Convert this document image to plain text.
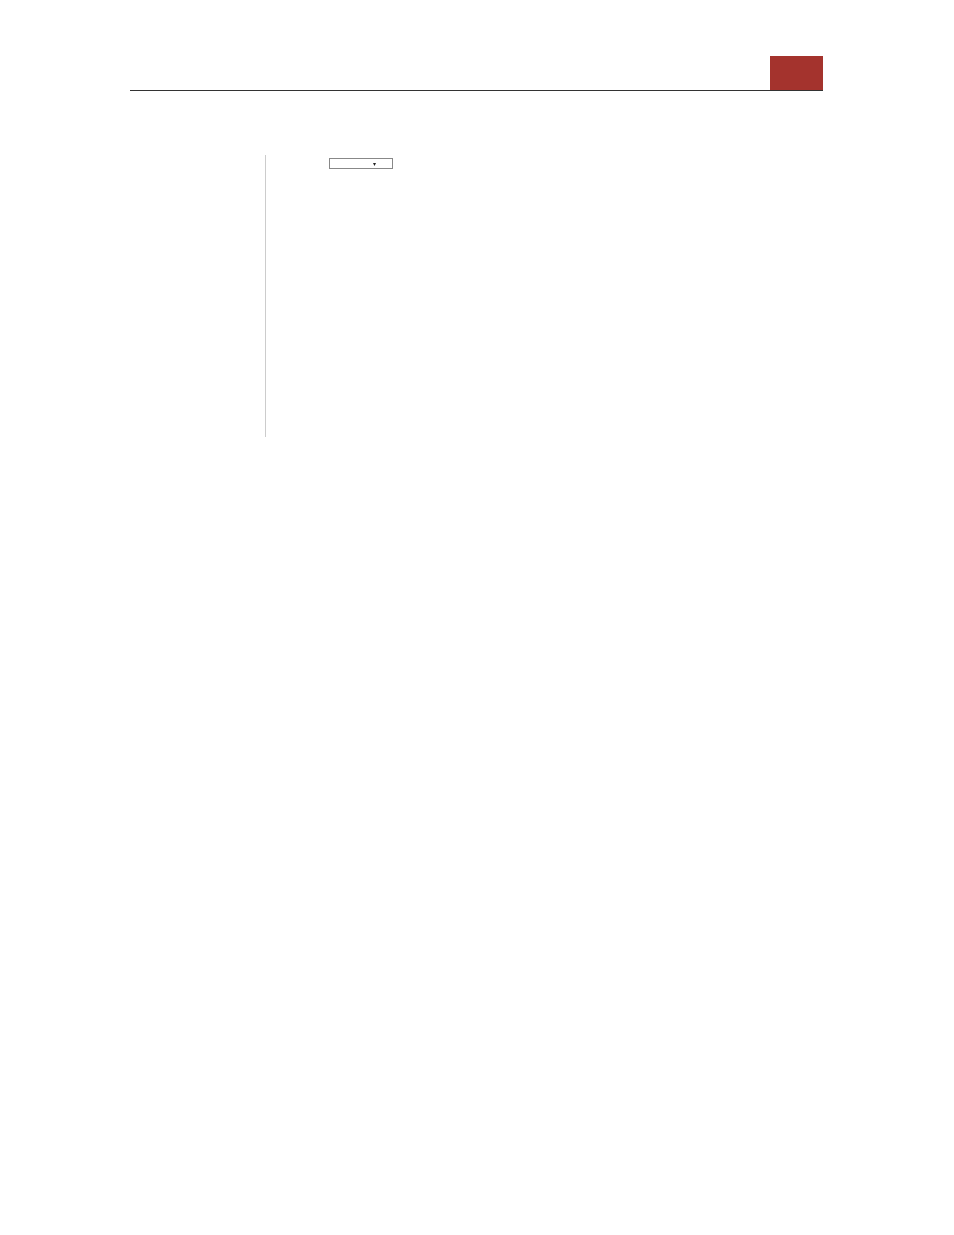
▾
